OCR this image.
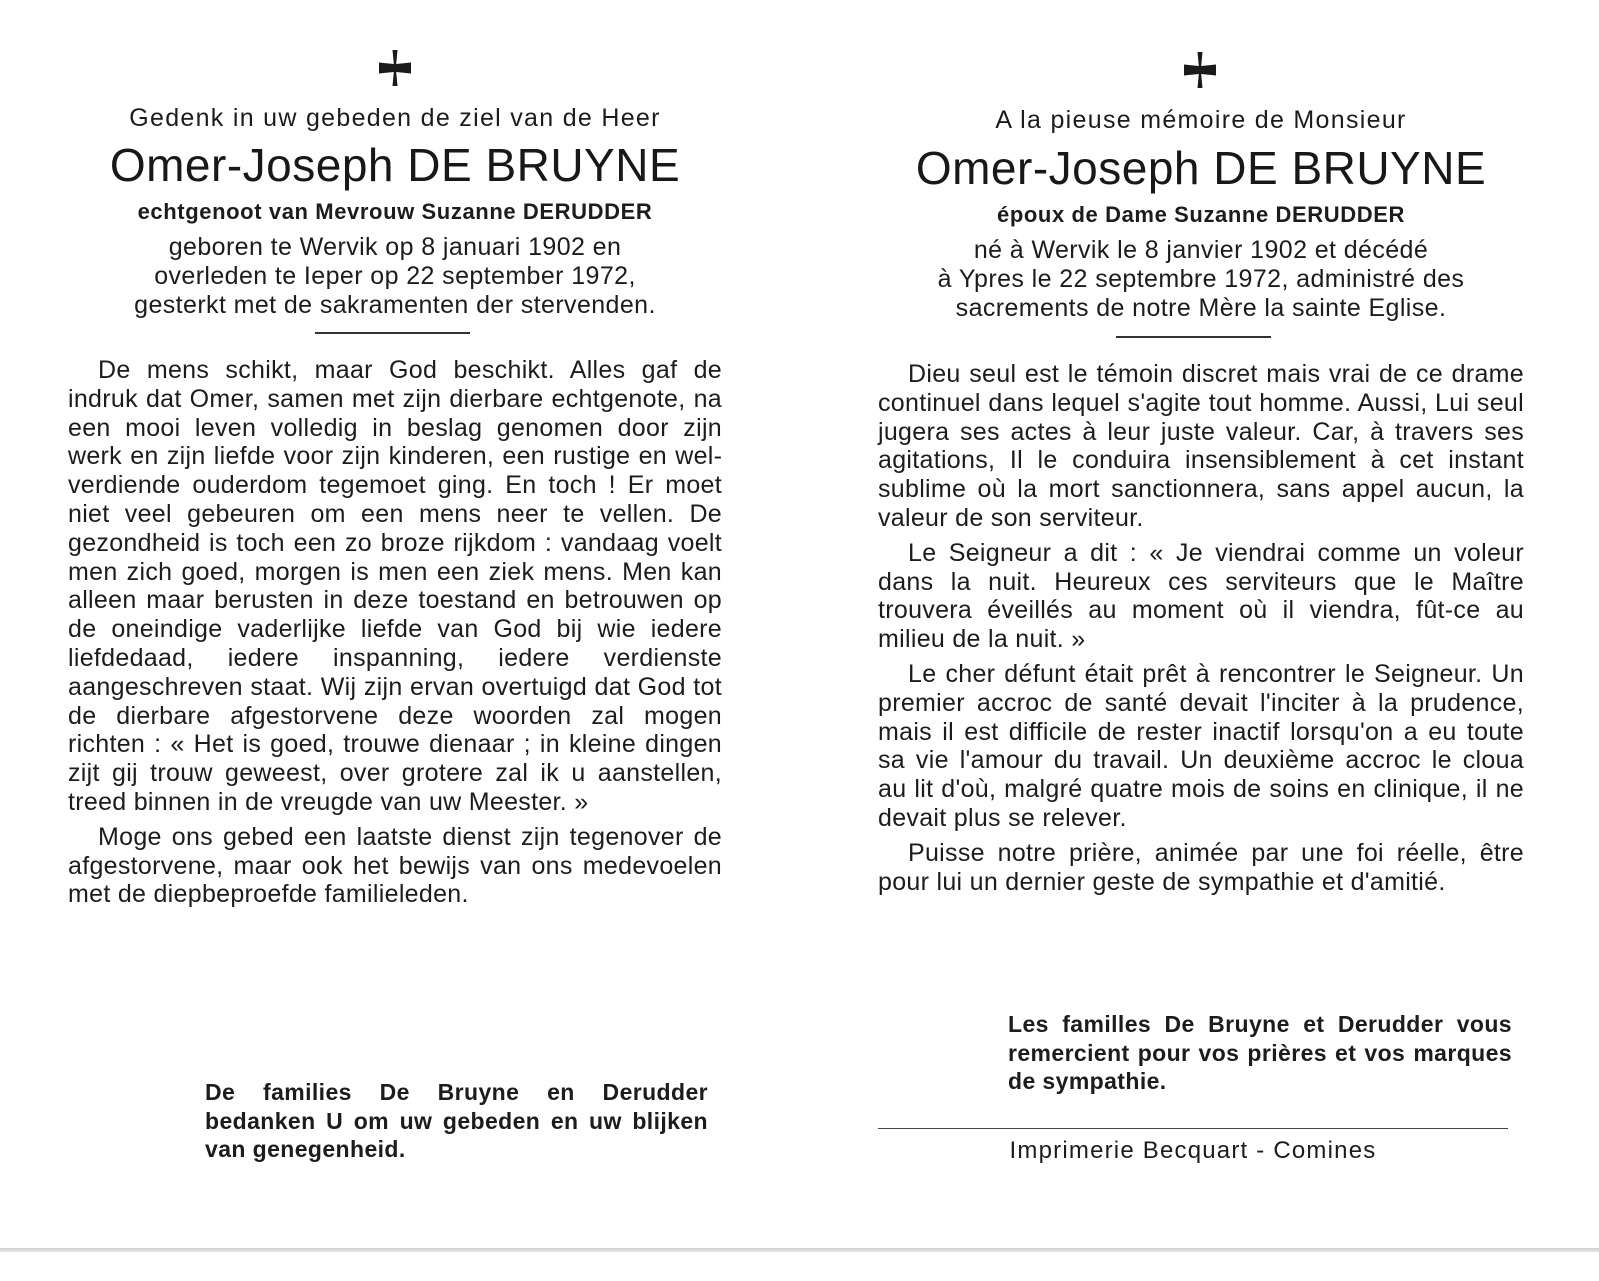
Gedenk in uw gebeden de ziel van de Heer
Omer-Joseph DE BRUYNE
echtgenoot van Mevrouw Suzanne DERUDDER
geboren te Wervik op 8 januari 1902 en
overleden te Ieper op 22 september 1972,
gesterkt met de sakramenten der stervenden.

De mens schikt, maar God beschikt. Alles gaf de indruk dat Omer, samen met zijn dierbare echtgenote, na een mooi leven volledig in beslag genomen door zijn werk en zijn liefde voor zijn kinderen, een rustige en welverdiende ouderdom tegemoet ging. En toch ! Er moet niet veel gebeuren om een mens neer te vellen. De gezondheid is toch een zo broze rijkdom : vandaag voelt men zich goed, morgen is men een ziek mens. Men kan alleen maar berusten in deze toestand en betrouwen op de oneindige vaderlijke liefde van God bij wie iedere liefdedaad, iedere inspanning, iedere verdienste aangeschreven staat. Wij zijn ervan overtuigd dat God tot de dierbare afgestorvene deze woorden zal mogen richten : « Het is goed, trouwe dienaar ; in kleine dingen zijt gij trouw geweest, over grotere zal ik u aanstellen, treed binnen in de vreugde van uw Meester. »

Moge ons gebed een laatste dienst zijn tegenover de afgestorvene, maar ook het bewijs van ons medevoelen met de diepbeproefde familieleden.

De families De Bruyne en Derudder bedanken U om uw gebeden en uw blijken van genegenheid.
A la pieuse mémoire de Monsieur
Omer-Joseph DE BRUYNE
époux de Dame Suzanne DERUDDER
né à Wervik le 8 janvier 1902 et décédé
à Ypres le 22 septembre 1972, administré des
sacrements de notre Mère la sainte Eglise.

Dieu seul est le témoin discret mais vrai de ce drame continuel dans lequel s'agite tout homme. Aussi, Lui seul jugera ses actes à leur juste valeur. Car, à travers ses agitations, Il le conduira insensiblement à cet instant sublime où la mort sanctionnera, sans appel aucun, la valeur de son serviteur.

Le Seigneur a dit : « Je viendrai comme un voleur dans la nuit. Heureux ces serviteurs que le Maître trouvera éveillés au moment où il viendra, fût-ce au milieu de la nuit. »

Le cher défunt était prêt à rencontrer le Seigneur. Un premier accroc de santé devait l'inciter à la prudence, mais il est difficile de rester inactif lorsqu'on a eu toute sa vie l'amour du travail. Un deuxième accroc le cloua au lit d'où, malgré quatre mois de soins en clinique, il ne devait plus se relever.

Puisse notre prière, animée par une foi réelle, être pour lui un dernier geste de sympathie et d'amitié.

Les familles De Bruyne et Derudder vous remercient pour vos prières et vos marques de sympathie.
Imprimerie Becquart - Comines
